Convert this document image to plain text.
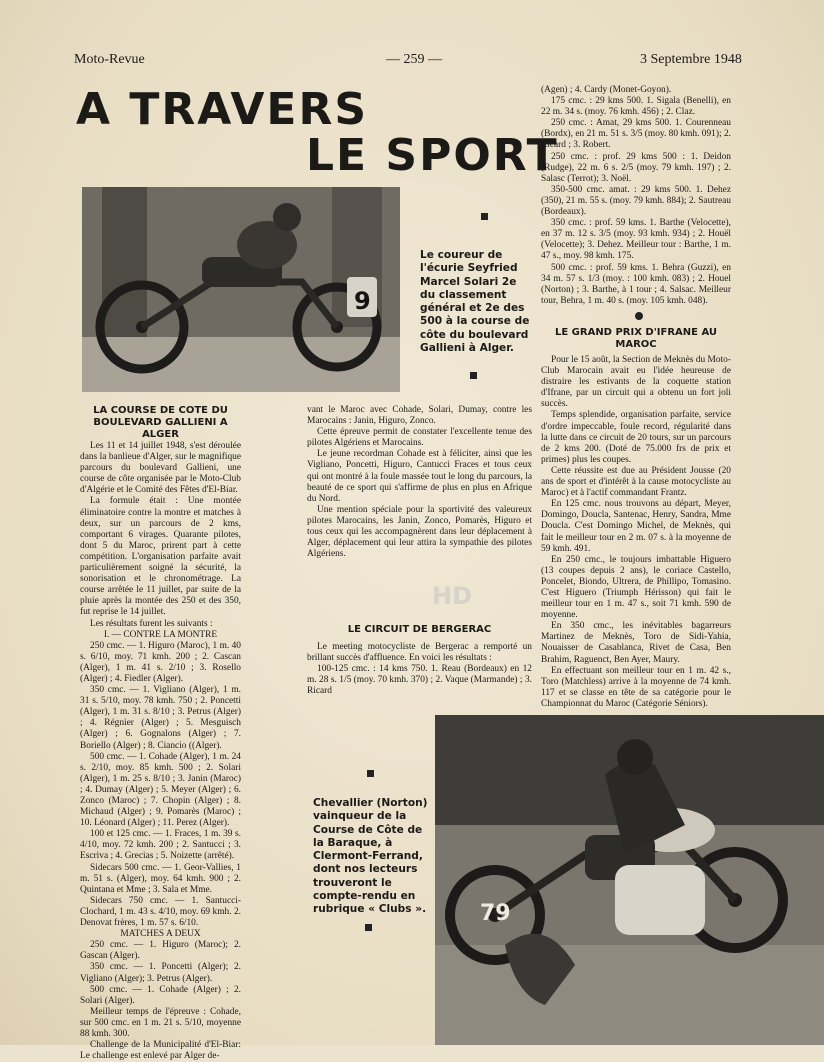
Moto-Revue	— 259 —	3 Septembre 1948
A TRAVERS
LE SPORT
9
Le coureur de l'écurie Seyfried Marcel Solari 2e du classement général et 2e des 500 à la course de côte du boulevard Gallieni à Alger.
LA COURSE DE COTE DU BOULEVARD GALLIENI A ALGER

Les 11 et 14 juillet 1948, s'est déroulée dans la banlieue d'Alger, sur le magnifique parcours du boulevard Gallieni, une course de côte organisée par le Moto-Club d'Algérie et le Comité des Fêtes d'El-Biar.

La formule était : Une montée éliminatoire contre la montre et matches à deux, sur un parcours de 2 kms, comportant 6 virages. Quarante pilotes, dont 5 du Maroc, prirent part à cette compétition. L'organisation parfaite avait particulièrement soigné la sécurité, la sonorisation et le chronométrage. La course arrêtée le 11 juillet, par suite de la pluie après la montée des 250 et des 350, fut reprise le 14 juillet.

Les résultats furent les suivants :

I. — CONTRE LA MONTRE

250 cmc. — 1. Higuro (Maroc), 1 m. 40 s. 6/10, moy. 71 kmh. 200 ; 2. Cascan (Alger), 1 m. 41 s. 2/10 ; 3. Rosello (Alger) ; 4. Fiedler (Alger).

350 cmc. — 1. Vigliano (Alger), 1 m. 31 s. 5/10, moy. 78 kmh. 750 ; 2. Poncetti (Alger), 1 m. 31 s. 8/10 ; 3. Petrus (Alger) ; 4. Régnier (Alger) ; 5. Mesguisch (Alger) ; 6. Gognalons (Alger) ; 7. Boriello (Alger) ; 8. Ciancio ((Alger).

500 cmc. — 1. Cohade (Alger), 1 m. 24 s. 2/10, moy. 85 kmh. 500 ; 2. Solari (Alger), 1 m. 25 s. 8/10 ; 3. Janin (Maroc) ; 4. Dumay (Alger) ; 5. Meyer (Alger) ; 6. Zonco (Maroc) ; 7. Chopin (Alger) ; 8. Michaud (Alger) ; 9. Pomarès (Maroc) ; 10. Léonard (Alger) ; 11. Perez (Alger).

100 et 125 cmc. — 1. Fraces, 1 m. 39 s. 4/10, moy. 72 kmh. 200 ; 2. Santucci ; 3. Escriva ; 4. Grecias ; 5. Noizette (arrêté).

Sidecars 500 cmc. — 1. Geor-Vallies, 1 m. 51 s. (Alger), moy. 64 kmh. 900 ; 2. Quintana et Mme ; 3. Sala et Mme.

Sidecars 750 cmc. — 1. Santucci-Clochard, 1 m. 43 s. 4/10, moy. 69 kmh. 2. Denovat frères, 1 m. 57 s. 6/10.

MATCHES A DEUX

250 cmc. — 1. Higuro (Maroc); 2. Gascan (Alger).

350 cmc. — 1. Poncetti (Alger); 2. Vigliano (Alger); 3. Petrus (Alger).

500 cmc. — 1. Cohade (Alger) ; 2. Solari (Alger).

Meilleur temps de l'épreuve : Cohade, sur 500 cmc. en 1 m. 21 s. 5/10, moyenne 88 kmh. 300.

Challenge de la Municipalité d'El-Biar: Le challenge est enlevé par Alger de-

vant le Maroc avec Cohade, Solari, Dumay, contre les Marocains : Janin, Higuro, Zonco.

Cette épreuve permit de constater l'excellente tenue des pilotes Algériens et Marocains.

Le jeune recordman Cohade est à féliciter, ainsi que les Vigliano, Poncetti, Higuro, Cantucci Fraces et tous ceux qui ont montré à la foule massée tout le long du parcours, la beauté de ce sport qui s'affirme de plus en plus en Afrique du Nord.

Une mention spéciale pour la sportivité des valeureux pilotes Marocains, les Janin, Zonco, Pomarès, Higuro et tous ceux qui les accompagnèrent dans leur déplacement à Alger, déplacement qui leur attira la sympathie des pilotes Algériens.

LE CIRCUIT DE BERGERAC

Le meeting motocycliste de Bergerac a remporté un brillant succès d'affluence. En voici les résultats :

100-125 cmc. : 14 kms 750. 1. Reau (Bordeaux) en 12 m. 28 s. 1/5 (moy. 70 kmh. 370) ; 2. Vaque (Marmande) ; 3. Ricard

HD
Chevallier (Norton) vainqueur de la Course de Côte de la Baraque, à Clermont-Ferrand, dont nos lecteurs trouveront le compte-rendu en rubrique « Clubs ».

(Agen) ; 4. Cardy (Monet-Goyon).

175 cmc. : 29 kms 500. 1. Sigala (Benelli), en 22 m. 34 s. (moy. 76 kmh. 456) ; 2. Claz.

250 cmc. : Amat, 29 kms 500. 1. Courenneau (Bordx), en 21 m. 51 s. 3/5 (moy. 80 kmh. 091); 2. Ricard ; 3. Robert.

250 cmc. : prof. 29 kms 500 : 1. Deidon (Rudge), 22 m. 6 s. 2/5 (moy. 79 kmh. 197) ; 2. Salasc (Terrot); 3. Noël.

350-500 cmc. amat. : 29 kms 500. 1. Dehez (350), 21 m. 55 s. (moy. 79 kmh. 884); 2. Sautreau (Bordeaux).

350 cmc. : prof. 59 kms. 1. Barthe (Velocette), en 37 m. 12 s. 3/5 (moy. 93 kmh. 934) ; 2. Houël (Velocette); 3. Dehez. Meilleur tour : Barthe, 1 m. 47 s., moy. 98 kmh. 175.

500 cmc. : prof. 59 kms. 1. Behra (Guzzi), en 34 m. 57 s. 1/3 (moy. : 100 kmh. 083) ; 2. Houel (Norton) ; 3. Barthe, à 1 tour ; 4. Salsac. Meilleur tour, Behra, 1 m. 40 s. (moy. 105 kmh. 048).

LE GRAND PRIX D'IFRANE AU MAROC

Pour le 15 août, la Section de Meknès du Moto-Club Marocain avait eu l'idée heureuse de distraire les estivants de la coquette station d'Ifrane, par un circuit qui a obtenu un fort joli succès.

Temps splendide, organisation parfaite, service d'ordre impeccable, foule record, régularité dans la lutte dans ce circuit de 20 tours, sur un parcours de 2 kms 200. (Doté de 75.000 frs de prix et primes) plus les coupes.

Cette réussite est due au Président Jousse (20 ans de sport et d'intérêt à la cause motocycliste au Maroc) et à l'actif commandant Frantz.

En 125 cmc. nous trouvons au départ, Meyer, Domingo, Doucla, Santenac, Henry, Sandra, Mme Doucla. C'est Domingo Michel, de Meknès, qui fait le meilleur tour en 2 m. 07 s. à la moyenne de 59 kmh. 491.

En 250 cmc., le toujours imbattable Higuero (13 coupes depuis 2 ans), le coriace Castello, Poncelet, Biondo, Ultrera, de Phillipo, Tomasino. C'est Higuero (Triumph Hérisson) qui fait le meilleur tour en 1 m. 47 s., soit 71 kmh. 590 de moyenne.

En 350 cmc., les inévitables bagarreurs Martinez de Meknès, Toro de Sidi-Yahia, Nouaisser de Casablanca, Rivet de Casa, Ben Brahim, Raguenct, Ben Ayer, Maury.

En effectuant son meilleur tour en 1 m. 42 s., Toro (Matchless) arrive à la moyenne de 74 kmh. 117 et se classe en tête de sa catégorie pour le Championnat du Maroc (Catégorie Séniors).

79
